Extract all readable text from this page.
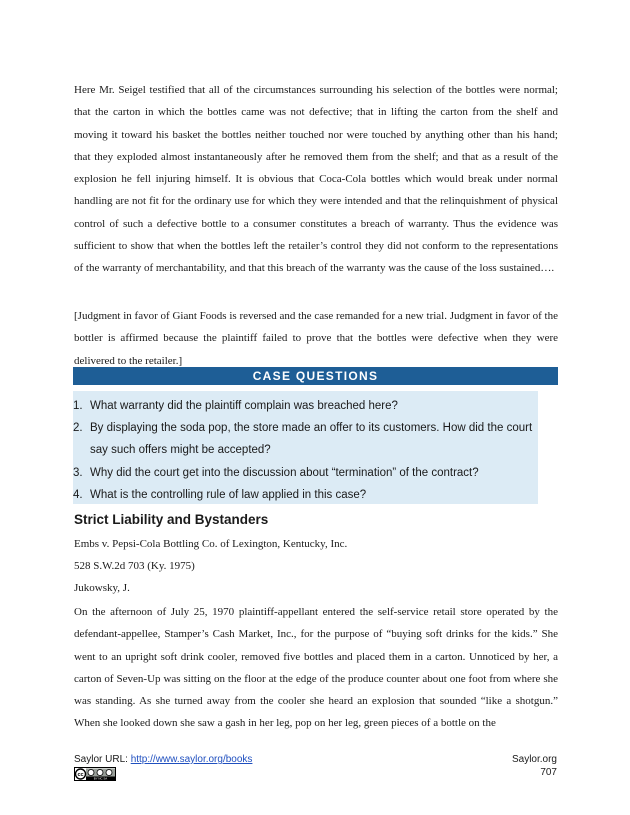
Here Mr. Seigel testified that all of the circumstances surrounding his selection of the bottles were normal; that the carton in which the bottles came was not defective; that in lifting the carton from the shelf and moving it toward his basket the bottles neither touched nor were touched by anything other than his hand; that they exploded almost instantaneously after he removed them from the shelf; and that as a result of the explosion he fell injuring himself. It is obvious that Coca-Cola bottles which would break under normal handling are not fit for the ordinary use for which they were intended and that the relinquishment of physical control of such a defective bottle to a consumer constitutes a breach of warranty. Thus the evidence was sufficient to show that when the bottles left the retailer’s control they did not conform to the representations of the warranty of merchantability, and that this breach of the warranty was the cause of the loss sustained….
[Judgment in favor of Giant Foods is reversed and the case remanded for a new trial. Judgment in favor of the bottler is affirmed because the plaintiff failed to prove that the bottles were defective when they were delivered to the retailer.]
CASE QUESTIONS
1. What warranty did the plaintiff complain was breached here?
2. By displaying the soda pop, the store made an offer to its customers. How did the court say such offers might be accepted?
3. Why did the court get into the discussion about “termination” of the contract?
4. What is the controlling rule of law applied in this case?
Strict Liability and Bystanders
Embs v. Pepsi-Cola Bottling Co. of Lexington, Kentucky, Inc.
528 S.W.2d 703 (Ky. 1975)
Jukowsky, J.
On the afternoon of July 25, 1970 plaintiff-appellant entered the self-service retail store operated by the defendant-appellee, Stamper’s Cash Market, Inc., for the purpose of “buying soft drinks for the kids.” She went to an upright soft drink cooler, removed five bottles and placed them in a carton. Unnoticed by her, a carton of Seven-Up was sitting on the floor at the edge of the produce counter about one foot from where she was standing. As she turned away from the cooler she heard an explosion that sounded “like a shotgun.” When she looked down she saw a gash in her leg, pop on her leg, green pieces of a bottle on the
Saylor URL: http://www.saylor.org/books	Saylor.org
707
cc
BY NC SA
